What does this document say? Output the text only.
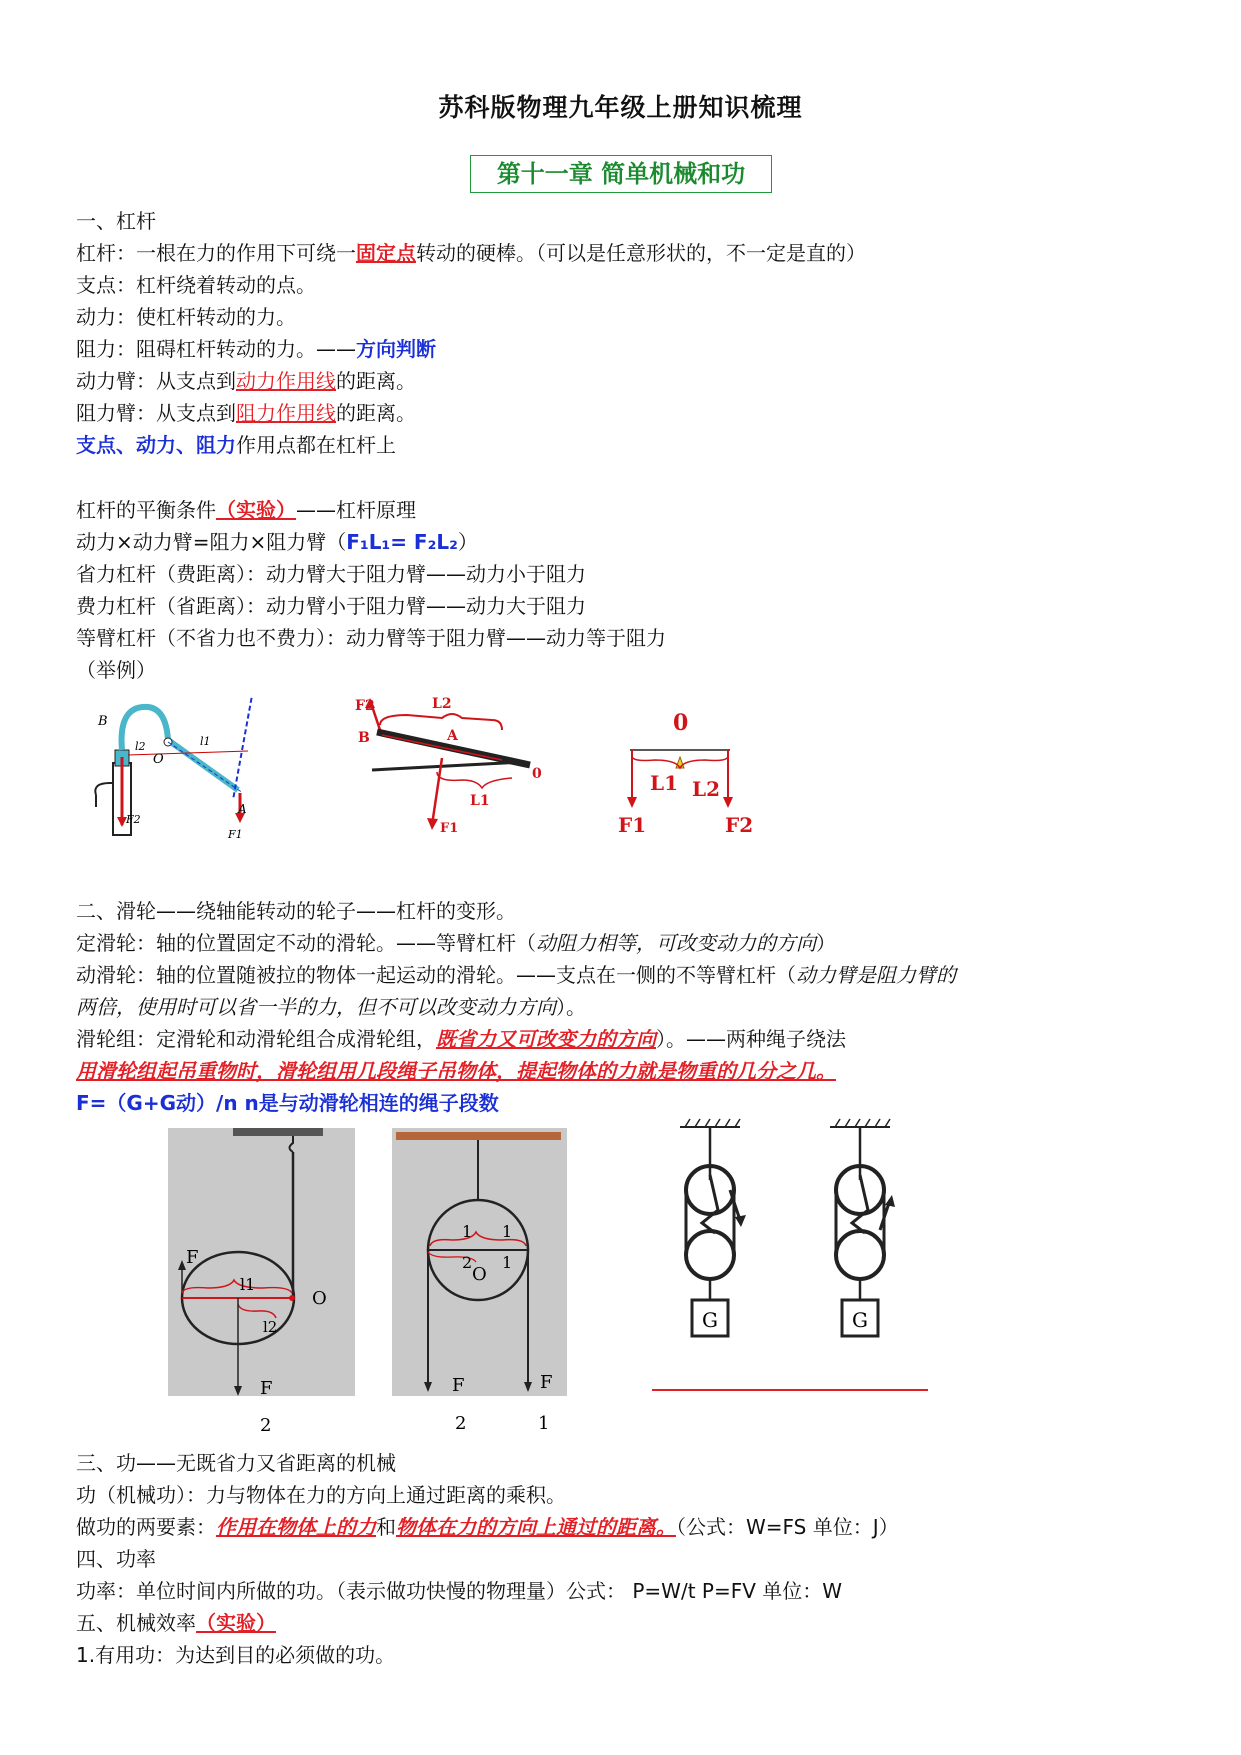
苏科版物理九年级上册知识梳理
第十一章 简单机械和功
一、杠杆
杠杆：一根在力的作用下可绕一固定点转动的硬棒。（可以是任意形状的，不一定是直的）
支点：杠杆绕着转动的点。
动力：使杠杆转动的力。
阻力：阻碍杠杆转动的力。——方向判断
动力臂：从支点到动力作用线的距离。
阻力臂：从支点到阻力作用线的距离。
支点、动力、阻力作用点都在杠杆上
杠杆的平衡条件（实验）——杠杆原理
动力×动力臂=阻力×阻力臂（F₁L₁= F₂L₂）
省力杠杆（费距离）：动力臂大于阻力臂——动力小于阻力
费力杠杆（省距离）：动力臂小于阻力臂——动力大于阻力
等臂杠杆（不省力也不费力）：动力臂等于阻力臂——动力等于阻力
（举例）
B
l2	l1
O
A
F2
F1
F2	L2
B	A
0
L1
F1
0
L1 L2
F1	F2
二、滑轮——绕轴能转动的轮子——杠杆的变形。
定滑轮：轴的位置固定不动的滑轮。——等臂杠杆（动阻力相等，可改变动力的方向）
动滑轮：轴的位置随被拉的物体一起运动的滑轮。——支点在一侧的不等臂杠杆（动力臂是阻力臂的
两倍，使用时可以省一半的力，但不可以改变动力方向）。
滑轮组：定滑轮和动滑轮组合成滑轮组，既省力又可改变力的方向）。——两种绳子绕法
用滑轮组起吊重物时，滑轮组用几段绳子吊物体，提起物体的力就是物重的几分之几。
F=（G+G动）/n n是与动滑轮相连的绳子段数
F
l1
l2
O
F
2
1 1
2
O
1
F	F
2	1
G	G
三、功——无既省力又省距离的机械
功（机械功）：力与物体在力的方向上通过距离的乘积。
做功的两要素：作用在物体上的力和物体在力的方向上通过的距离。（公式：W=FS 单位：J）
四、功率
功率：单位时间内所做的功。（表示做功快慢的物理量）公式： P=W/t P=FV 单位：W
五、机械效率（实验）
1.有用功：为达到目的必须做的功。
